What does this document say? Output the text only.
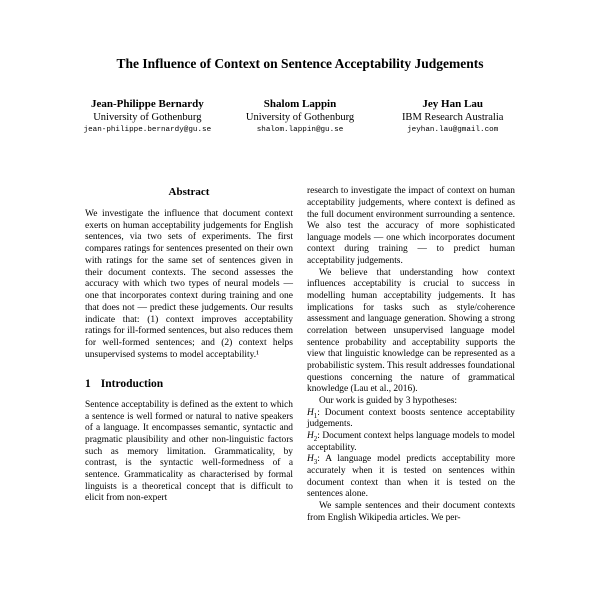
The Influence of Context on Sentence Acceptability Judgements
Jean-Philippe Bernardy
University of Gothenburg
jean-philippe.bernardy@gu.se
Shalom Lappin
University of Gothenburg
shalom.lappin@gu.se
Jey Han Lau
IBM Research Australia
jeyhan.lau@gmail.com
Abstract

We investigate the influence that document context exerts on human acceptability judgements for English sentences, via two sets of experiments. The first compares ratings for sentences presented on their own with ratings for the same set of sentences given in their document contexts. The second assesses the accuracy with which two types of neural models — one that incorporates context during training and one that does not — predict these judgements. Our results indicate that: (1) context improves acceptability ratings for ill-formed sentences, but also reduces them for well-formed sentences; and (2) context helps unsupervised systems to model acceptability.¹

1 Introduction

Sentence acceptability is defined as the extent to which a sentence is well formed or natural to native speakers of a language. It encompasses semantic, syntactic and pragmatic plausibility and other non-linguistic factors such as memory limitation. Grammaticality, by contrast, is the syntactic well-formedness of a sentence. Grammaticality as characterised by formal linguists is a theoretical concept that is difficult to elicit from non-expert

research to investigate the impact of context on human acceptability judgements, where context is defined as the full document environment surrounding a sentence. We also test the accuracy of more sophisticated language models — one which incorporates document context during training — to predict human acceptability judgements.

We believe that understanding how context influences acceptability is crucial to success in modelling human acceptability judgements. It has implications for tasks such as style/coherence assessment and language generation. Showing a strong correlation between unsupervised language model sentence probability and acceptability supports the view that linguistic knowledge can be represented as a probabilistic system. This result addresses foundational questions concerning the nature of grammatical knowledge (Lau et al., 2016).

Our work is guided by 3 hypotheses:

$H_1$: Document context boosts sentence acceptability judgements.

$H_2$: Document context helps language models to model acceptability.

$H_3$: A language model predicts acceptability more accurately when it is tested on sentences within document context than when it is tested on the sentences alone.

We sample sentences and their document contexts from English Wikipedia articles. We per-
